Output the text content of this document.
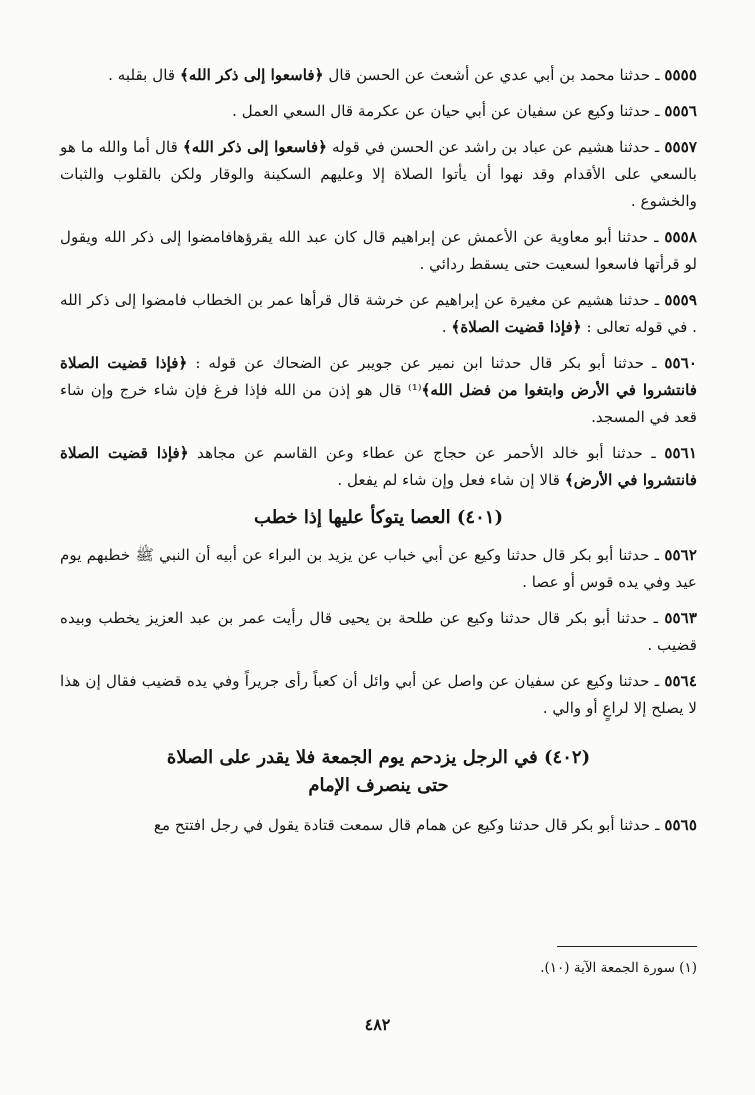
٥٥٥٥ ـ حدثنا محمد بن أبي عدي عن أشعث عن الحسن قال ﴿فاسعوا إلى ذكر الله﴾ قال بقلبه .

٥٥٥٦ ـ حدثنا وكيع عن سفيان عن أبي حيان عن عكرمة قال السعي العمل .

٥٥٥٧ ـ حدثنا هشيم عن عباد بن راشد عن الحسن في قوله ﴿فاسعوا إلى ذكر الله﴾ قال أما والله ما هو بالسعي على الأقدام وقد نهوا أن يأتوا الصلاة إلا وعليهم السكينة والوقار ولكن بالقلوب والثبات والخشوع .

٥٥٥٨ ـ حدثنا أبو معاوية عن الأعمش عن إبراهيم قال كان عبد الله يقرؤهافامضوا إلى ذكر الله ويقول لو قرأتها فاسعوا لسعيت حتى يسقط ردائي .

٥٥٥٩ ـ حدثنا هشيم عن مغيرة عن إبراهيم عن خرشة قال قرأها عمر بن الخطاب فامضوا إلى ذكر الله . في قوله تعالى : ﴿فإذا قضيت الصلاة﴾ .

٥٥٦٠ ـ حدثنا أبو بكر قال حدثنا ابن نمير عن جويبر عن الضحاك عن قوله : ﴿فإذا قضيت الصلاة فانتشروا في الأرض وابتغوا من فضل الله﴾⁽¹⁾ قال هو إذن من الله فإذا فرغ فإن شاء خرج وإن شاء قعد في المسجد.

٥٥٦١ ـ حدثنا أبو خالد الأحمر عن حجاج عن عطاء وعن القاسم عن مجاهد ﴿فإذا قضيت الصلاة فانتشروا في الأرض﴾ قالا إن شاء فعل وإن شاء لم يفعل .

(٤٠١) العصا يتوكأ عليها إذا خطب

٥٥٦٢ ـ حدثنا أبو بكر قال حدثنا وكيع عن أبي خباب عن يزيد بن البراء عن أبيه أن النبي ﷺ خطبهم يوم عيد وفي يده قوس أو عصا .

٥٥٦٣ ـ حدثنا أبو بكر قال حدثنا وكيع عن طلحة بن يحيى قال رأيت عمر بن عبد العزيز يخطب وبيده قضيب .

٥٥٦٤ ـ حدثنا وكيع عن سفيان عن واصل عن أبي وائل أن كعباً رأى جريراً وفي يده قضيب فقال إن هذا لا يصلح إلا لراعٍ أو والي .

(٤٠٢) في الرجل يزدحم يوم الجمعة فلا يقدر على الصلاة
حتى ينصرف الإمام

٥٥٦٥ ـ حدثنا أبو بكر قال حدثنا وكيع عن همام قال سمعت قتادة يقول في رجل افتتح مع

(١) سورة الجمعة الآية (١٠).
٤٨٢
